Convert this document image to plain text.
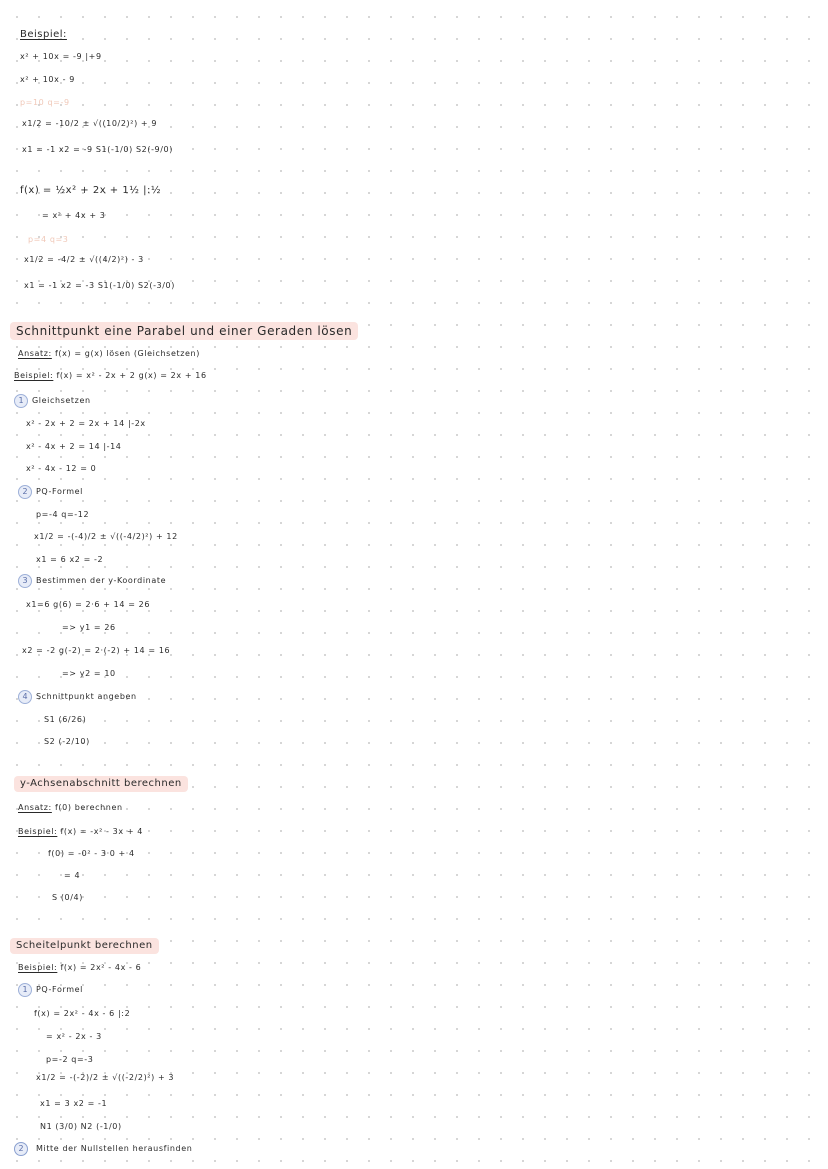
Beispiel:
x² + 10x = -9 |+9
x² + 10x - 9
p=10 q=-9
x1/2 = -10/2 ± √((10/2)²) + 9
x1 = -1 x2 = -9 S1(-1/0) S2(-9/0)
f(x) = ½x² + 2x + 1½ |:½
= x² + 4x + 3
p=4 q=3
x1/2 = -4/2 ± √((4/2)²) - 3
x1 = -1 x2 = -3 S1(-1/0) S2(-3/0)
Schnittpunkt eine Parabel und einer Geraden lösen
Ansatz: f(x) = g(x) lösen (Gleichsetzen)
Beispiel: f(x) = x² - 2x + 2 g(x) = 2x + 16
1	Gleichsetzen
x² - 2x + 2 = 2x + 14 |-2x
x² - 4x + 2 = 14 |-14
x² - 4x - 12 = 0
2	PQ-Formel
p=-4 q=-12
x1/2 = -(-4)/2 ± √((-4/2)²) + 12
x1 = 6 x2 = -2
3	Bestimmen der y-Koordinate
x1=6 g(6) = 2·6 + 14 = 26
=> y1 = 26
x2 = -2 g(-2) = 2·(-2) + 14 = 16
=> y2 = 10
4	Schnittpunkt angeben
S1 (6/26)
S2 (-2/10)
y-Achsenabschnitt berechnen
Ansatz: f(0) berechnen
Beispiel: f(x) = -x² - 3x + 4
f(0) = -0² - 3·0 + 4
= 4
S (0/4)
Scheitelpunkt berechnen
Beispiel: f(x) = 2x² - 4x - 6
1	PQ-Formel
f(x) = 2x² - 4x - 6 |:2
= x² - 2x - 3
p=-2 q=-3
x1/2 = -(-2)/2 ± √((-2/2)²) + 3
x1 = 3 x2 = -1
N1 (3/0) N2 (-1/0)
2	Mitte der Nullstellen herausfinden
